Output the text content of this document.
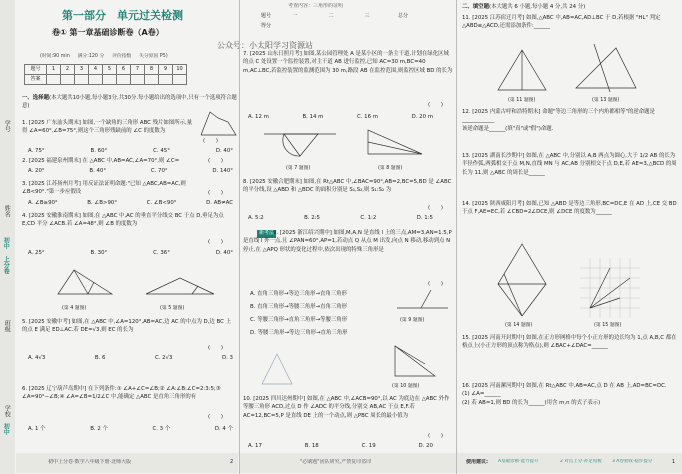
学号
姓名
班级
学校
初中
上分卷
初中
第一部分　单元过关检测
卷① 第一章基础诊断卷（A卷）
公众号：小太阳学习资源站
考查内容：三角形的证明
(时间:90 min 　 满分:120 分 　 评价指数 　 失分原因 P5)
题号	1	2	3	4	5	6	7	8	9	10
答案										
题号	一	二	三	总分
得分				
一、选择题(本大题共10小题,每小题3分,共30分.每小题给出的选项中,只有一个选项符合题意)
1. [2025 广东汕头期末] 如图,一个缺角的三角形 ABC 残片如图所示,量得 ∠A=60°,∠B=75°,则这个三角形残缺前的 ∠C 的度数为
(　　)
A. 75°	B. 60°	C. 45°	D. 40°
2. [2025 福建泉州期末] 在 △ABC 中,AB=AC,∠A=70°,则 ∠C=	(　　)
A. 20°	B. 40°	C. 70°	D. 140°
3. [2025 江苏扬州月考] 用反证法证明命题:"已知 △ABC,AB=AC,则 ∠B<90°."第一步应假设	(　　)
A. ∠B≥90°	B. ∠B>90°	C. ∠B<90°	D. AB≠AC
4. [2025 安徽淮南期末] 如图,在 △ABC 中,AC 的垂直平分线交 BC 于点 D,垂足为点 E,CD 平分 ∠ACB.若 ∠A=48°,则 ∠B 的度数为
(　　)
A. 25°	B. 30°	C. 36°	D. 40°
(第 4 题图)	(第 5 题图)
5. [2025 安徽中考] 如图,在 △ABC 中,∠A=120°,AB=AC,边 AC 的中点为 D,边 BC 上的点 E 满足 ED⊥AC.若 DE=√3,则 EC 的长为
(　　)
A. 4√3	B. 6	C. 2√3	D. 3
6. [2025 辽宁葫芦岛期中] 在下列条件:① ∠A+∠C=∠B;② ∠A:∠B:∠C=2:3:5;③ ∠A=90°−∠B;④ ∠A=∠B=1/2∠C 中,能确定 △ABC 是直角三角形的有
(　　)
A. 1 个	B. 2 个	C. 3 个	D. 4 个
初中上分卷·数学八年级下册·北师大版	2
7. [2025 山东日照月考] 如图,某公园管理处 A 是某小区的一条主干道,计划在绿化区域的点 C 处设置一个监控装置,对主干道 AB 进行监控,已知 AC=30 m,BC=40 m,AC⊥BC,若监控装置的监测范围为 30 m,路段 AB 在监控范围,则监控区域 BD 的长为
(　　)
A. 12 m	B. 14 m	C. 16 m	D. 20 m
(第 7 题图)	(第 8 题图)
8. [2025 安徽合肥期末] 如图,在 Rt△ABC 中,∠BAC=90°,AB=2,BC=5,BD 是 ∠ABC 的平分线,设 △ABD 和 △BDC 的面积分别是 S₁,S₂,则 S₁:S₂ 为
(　　)
A. 5:2	B. 2:5	C. 1:2	D. 1:5
新考法
9. [2025 浙江绍兴期中] 如图,M,A,N 是直线 l 上的三点,AM=3,AN=1.5,P 是直线 l 外一点,且 ∠PAN=60°,AP=1,若动点 Q 从点 M 出发,向点 N 移动,移动到点 N 停止,在 △APQ 形状的变化过程中,依次出现的特殊三角形是
(第 9 题图)
(　　)
A. 直角三角形→等边三角形→直角三角形
B. 直角三角形→等腰三角形→直角三角形
C. 等腰三角形→直角三角形→等腰三角形
D. 等腰三角形→等边三角形→直角三角形
(第 10 题图)
10. [2025 四川达州期中] 如图,在 △ABC 中,∠ACB=90°,以 AC 为底边在 △ABC 外作等腰三角形 ACD,过点 D 作 ∠ADC 的平分线,分别交 AB,AC 于点 E,F.若 AC=12,BC=5,P 是直线 DE 上的一个动点,则 △PBC 周长的最小值为
(　　)
A. 17	B. 18	C. 19	D. 20
"必刷题"团队研究,严禁复印盗印
二、填空题(本大题共 6 小题,每小题 4 分,共 24 分)
11. [2025 江苏宿迁月考] 如图,△ABC 中,AB=AC,AD⊥BC 于 D,若根据 "HL" 判定 △ABD≌△ACD,还需添加条件:______
(第 11 题图)	(第 13 题图)
12. [2025 内蒙古呼和浩特期末] 命题"等边三角形的三个内角都相等"的逆命题是____________
该逆命题是______(填"真"或"假")命题.
13. [2025 湖南长沙期中] 如图,在 △ABC 中,分别以 A,B 两点为圆心,大于 1/2 AB 的长为半径作弧,两弧相交于点 M,N,直线 MN 与 AC,AB 分别相交于点 D,E,若 AE=3,△BCD 的周长为 11,则 △ABC 的周长是______
14. [2025 陕西咸阳月考] 如图,已知 △ABD 是等边三角形,BC=DC,E 在 AD 上,CE 交 BD 于点 F,AE=EC,若 ∠CBD=2∠DCE,则 ∠DCE 的度数为______
(第 14 题图)	(第 15 题图)
15. [2025 河南开封期中] 如图,在正方形网格中每个小正方形的边长均为 1,点 A,B,C 都在格点上(小正方形的顶点称为格点),则 ∠BAC+∠DAC=______
16. [2025 河南漯河期中] 如图,在 Rt△ABC 中,AB=AC,点 D 在 AB 上,AD=BC=DC.
(1) ∠A=______
(2) 若 AB=1,则 BD 的长为______(用含 m,n 的式子表示)
使用建议: A基础诊断·能力提升	2 对点上分·补足短板 3 A卷验收·稳步提分	1
